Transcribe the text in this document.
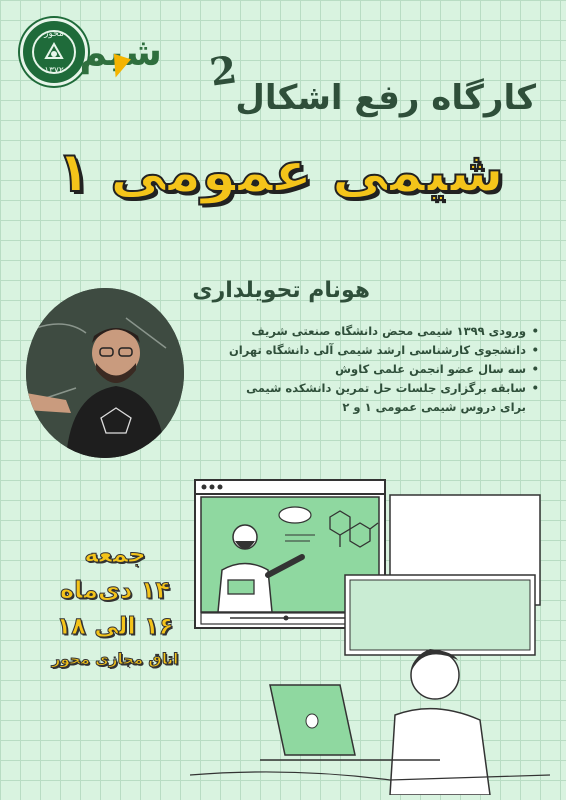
محور
۱۳۷۲ شیم 2
کارگاه رفع اشکال
شیمی عمومی ۱
هونام تحویلداری
• ورودی ۱۳۹۹ شیمی محض دانشگاه صنعتی شریف
• دانشجوی کارشناسی ارشد شیمی آلی دانشگاه تهران
• سه سال عضو انجمن علمی کاوش
• سابقه برگزاری جلسات حل تمرین دانشکده شیمی برای دروس شیمی عمومی ۱ و ۲
جمعه
۱۴ دی‌ماه
۱۶ الی ۱۸
اتاق مجازی محور
